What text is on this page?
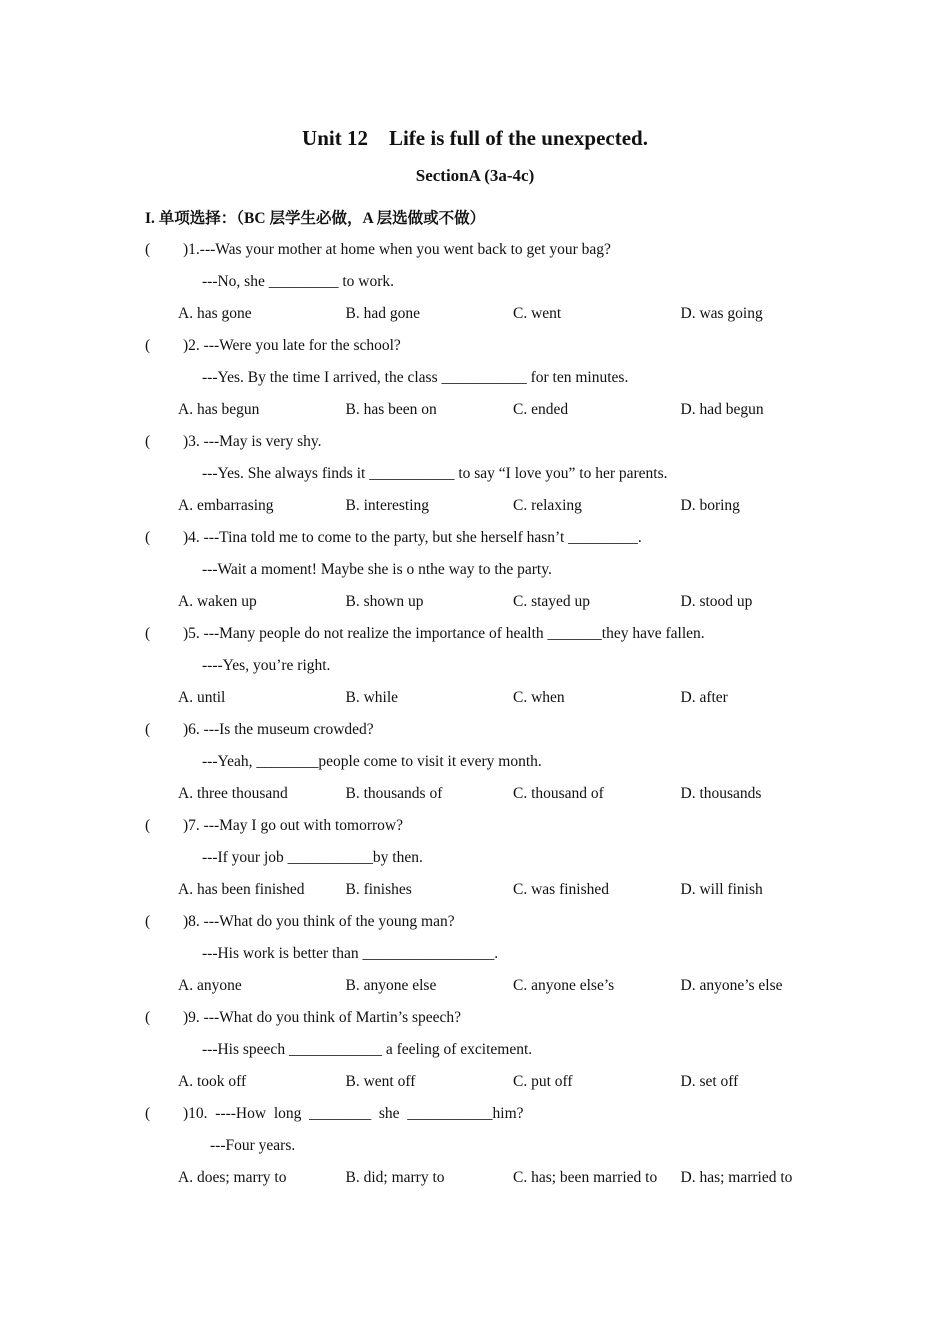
Unit 12    Life is full of the unexpected.
SectionA (3a-4c)
I. 单项选择：（BC 层学生必做，A 层选做或不做）
( )1.---Was your mother at home when you went back to get your bag?
---No, she _________ to work.
A. has gone	B. had gone	C. went	D. was going
( )2. ---Were you late for the school?
---Yes. By the time I arrived, the class ___________ for ten minutes.
A. has begun	B. has been on	C. ended	D. had begun
( )3. ---May is very shy.
---Yes. She always finds it ___________ to say “I love you” to her parents.
A. embarrasing	B. interesting	C. relaxing	D. boring
( )4. ---Tina told me to come to the party, but she herself hasn’t _________.
---Wait a moment! Maybe she is o nthe way to the party.
A. waken up	B. shown up	C. stayed up	D. stood up
( )5. ---Many people do not realize the importance of health _______they have fallen.
----Yes, you’re right.
A. until	B. while	C. when	D. after
( )6. ---Is the museum crowded?
---Yeah, ________people come to visit it every month.
A. three thousand	B. thousands of	C. thousand of	D. thousands
( )7. ---May I go out with tomorrow?
---If your job ___________by then.
A. has been finished	B. finishes	C. was finished	D. will finish
( )8. ---What do you think of the young man?
---His work is better than _________________.
A. anyone	B. anyone else	C. anyone else’s	D. anyone’s else
( )9. ---What do you think of Martin’s speech?
---His speech ____________ a feeling of excitement.
A. took off	B. went off	C. put off	D. set off
( )10.  ----How  long  ________  she  ___________him?
---Four years.
A. does; marry to	B. did; marry to	C. has; been married to	D. has; married to
